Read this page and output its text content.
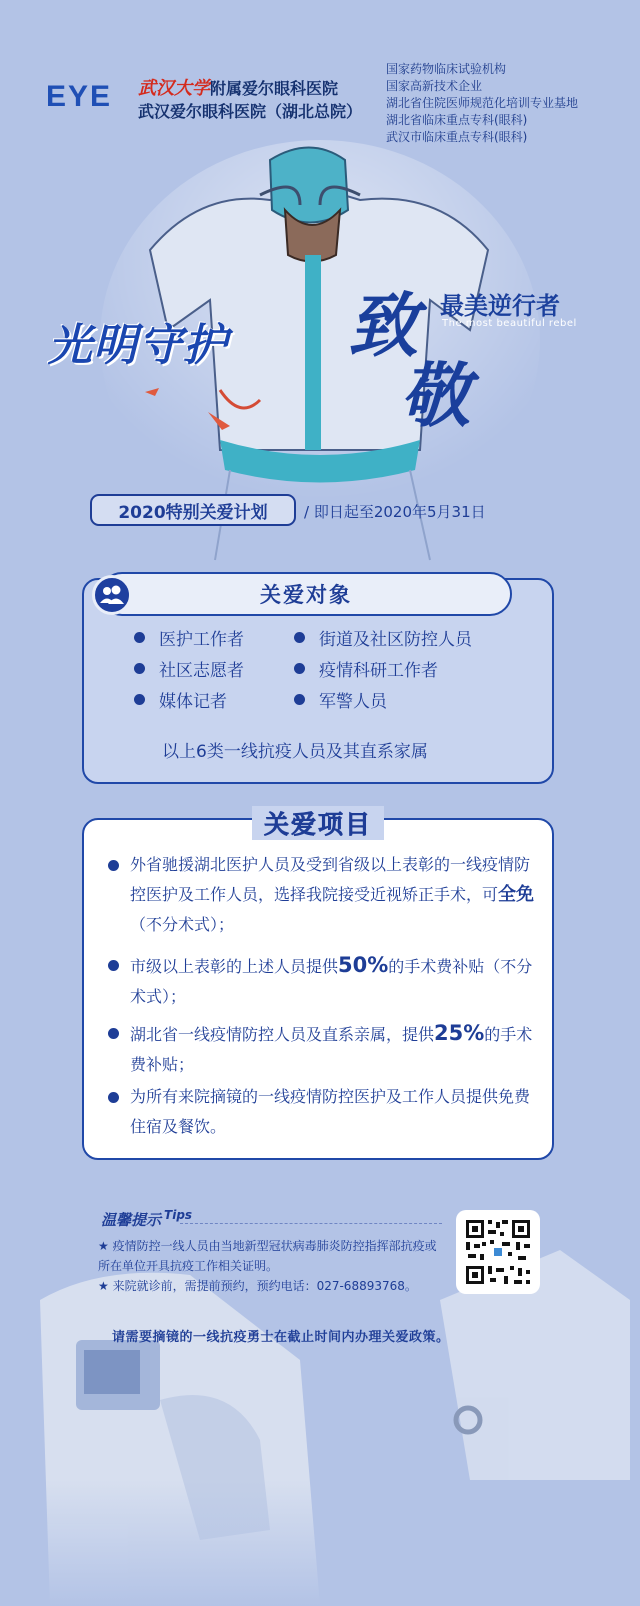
EYE 武汉大学附属爱尔眼科医院
武汉爱尔眼科医院（湖北总院）
国家药物临床试验机构
国家高新技术企业
湖北省住院医师规范化培训专业基地
湖北省临床重点专科(眼科)
武汉市临床重点专科(眼科)
光明守护 致
敬
最美逆行者
The most beautiful rebel
2020特别关爱计划	/ 即日起至2020年5月31日
关爱对象
医护工作者	街道及社区防控人员
社区志愿者	疫情科研工作者
媒体记者	军警人员
以上6类一线抗疫人员及其直系家属
关爱项目
外省驰援湖北医护人员及受到省级以上表彰的一线疫情防控医护及工作人员，选择我院接受近视矫正手术，可全免（不分术式）；
市级以上表彰的上述人员提供50%的手术费补贴（不分术式）；
湖北省一线疫情防控人员及直系亲属，提供25%的手术费补贴；
为所有来院摘镜的一线疫情防控医护及工作人员提供免费住宿及餐饮。
温馨提示 $^{Tips}$
★ 疫情防控一线人员由当地新型冠状病毒肺炎防控指挥部抗疫或所在单位开具抗疫工作相关证明。
★ 来院就诊前，需提前预约，预约电话：027-68893768。
请需要摘镜的一线抗疫勇士在截止时间内办理关爱政策。
